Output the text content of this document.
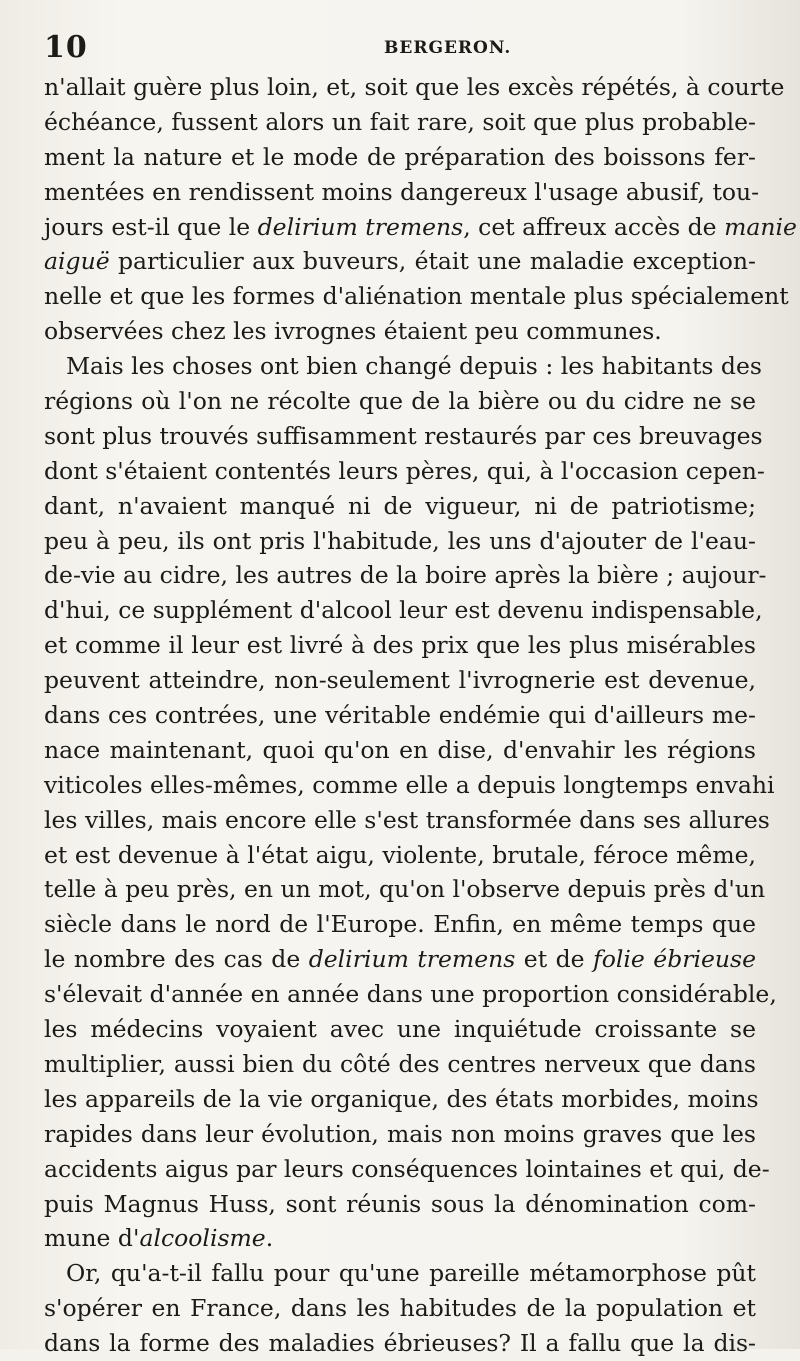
10	BERGERON.
n'allait guère plus loin, et, soit que les excès répétés, à courte
échéance, fussent alors un fait rare, soit que plus probable-
ment la nature et le mode de préparation des boissons fer-
mentées en rendissent moins dangereux l'usage abusif, tou-
jours est-il que le delirium tremens, cet affreux accès de manie
aiguë particulier aux buveurs, était une maladie exception-
nelle et que les formes d'aliénation mentale plus spécialement
observées chez les ivrognes étaient peu communes.
Mais les choses ont bien changé depuis : les habitants des
régions où l'on ne récolte que de la bière ou du cidre ne se
sont plus trouvés suffisamment restaurés par ces breuvages
dont s'étaient contentés leurs pères, qui, à l'occasion cepen-
dant, n'avaient manqué ni de vigueur, ni de patriotisme;
peu à peu, ils ont pris l'habitude, les uns d'ajouter de l'eau-
de-vie au cidre, les autres de la boire après la bière ; aujour-
d'hui, ce supplément d'alcool leur est devenu indispensable,
et comme il leur est livré à des prix que les plus misérables
peuvent atteindre, non-seulement l'ivrognerie est devenue,
dans ces contrées, une véritable endémie qui d'ailleurs me-
nace maintenant, quoi qu'on en dise, d'envahir les régions
viticoles elles-mêmes, comme elle a depuis longtemps envahi
les villes, mais encore elle s'est transformée dans ses allures
et est devenue à l'état aigu, violente, brutale, féroce même,
telle à peu près, en un mot, qu'on l'observe depuis près d'un
siècle dans le nord de l'Europe. Enfin, en même temps que
le nombre des cas de delirium tremens et de folie ébrieuse
s'élevait d'année en année dans une proportion considérable,
les médecins voyaient avec une inquiétude croissante se
multiplier, aussi bien du côté des centres nerveux que dans
les appareils de la vie organique, des états morbides, moins
rapides dans leur évolution, mais non moins graves que les
accidents aigus par leurs conséquences lointaines et qui, de-
puis Magnus Huss, sont réunis sous la dénomination com-
mune d'alcoolisme.
Or, qu'a-t-il fallu pour qu'une pareille métamorphose pût
s'opérer en France, dans les habitudes de la population et
dans la forme des maladies ébrieuses? Il a fallu que la dis-
